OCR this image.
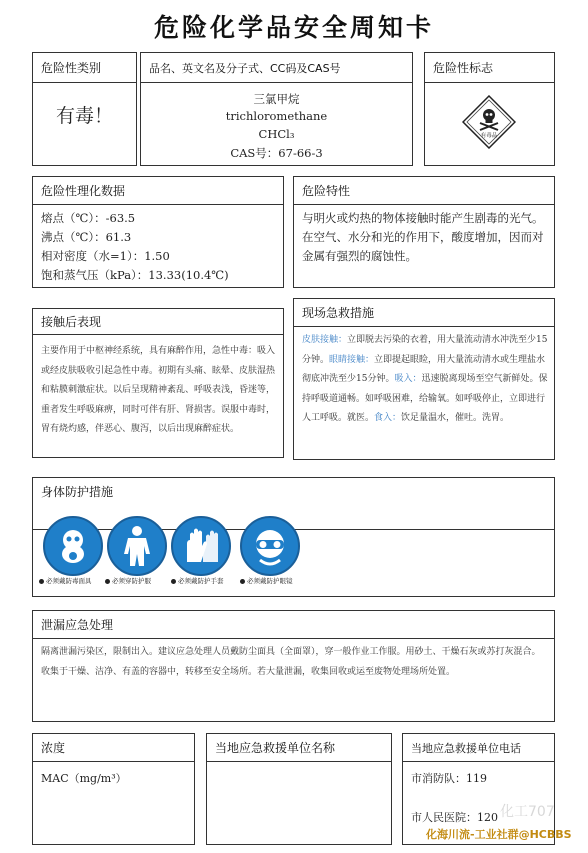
危险化学品安全周知卡
危险性类别
有毒！
品名、英文名及分子式、CC码及CAS号
三氯甲烷
trichloromethane
CHCl₃
CAS号：67-66-3
危险性标志
有毒品
危险性理化数据
熔点（℃）：-63.5
沸点（℃）：61.3
相对密度（水=1）：1.50
饱和蒸气压（kPa）：13.33(10.4℃)
危险特性
与明火或灼热的物体接触时能产生剧毒的光气。在空气、水分和光的作用下，酸度增加，因而对金属有强烈的腐蚀性。
接触后表现
主要作用于中枢神经系统，具有麻醉作用，急性中毒：吸入或经皮肤吸收引起急性中毒。初期有头痛、眩晕、皮肤湿热和粘膜刺激症状。以后呈现精神紊乱、呼吸表浅，昏迷等，重者发生呼吸麻痹，同时可伴有肝、肾损害。误服中毒时，胃有烧灼感，伴恶心、腹泻，以后出现麻醉症状。
现场急救措施
皮肤接触：立即脱去污染的衣着，用大量流动清水冲洗至少15分钟。眼睛接触：立即提起眼睑，用大量流动清水或生理盐水彻底冲洗至少15分钟。吸入：迅速脱离现场至空气新鲜处。保持呼吸道通畅。如呼吸困难，给输氧。如呼吸停止，立即进行人工呼吸。就医。食入：饮足量温水，催吐。洗胃。
身体防护措施
必须戴防毒面具	必须穿防护服	必须戴防护手套	必须戴防护眼镜
泄漏应急处理
隔离泄漏污染区，限制出入。建议应急处理人员戴防尘面具（全面罩），穿一般作业工作服。用砂土、干燥石灰或苏打灰混合。收集于干燥、洁净、有盖的容器中，转移至安全场所。若大量泄漏，收集回收或运至废物处理场所处置。
浓度
MAC（mg/m³）
当地应急救援单位名称	当地应急救援单位电话
市消防队：119
市人民医院：120 化工707
化海川流-工业社群@HCBBS
